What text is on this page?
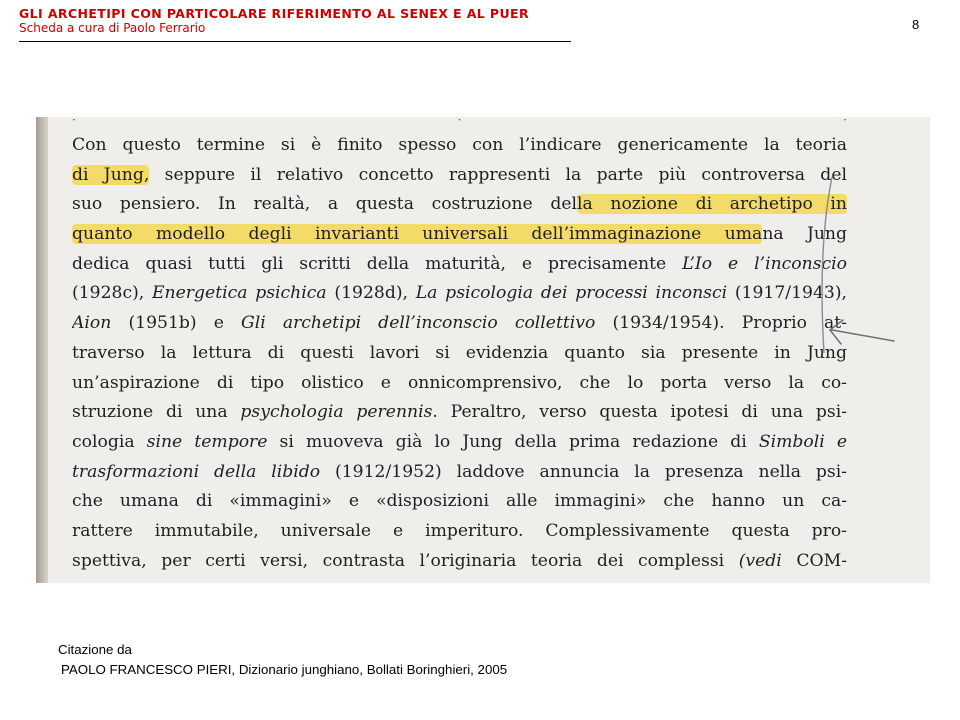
GLI ARCHETIPI CON PARTICOLARE RIFERIMENTO AL SENEX E AL PUER
Scheda a cura di Paolo Ferrario	8
· · ·
Con questo termine si è finito spesso con l’indicare genericamente la teoria
di Jung, seppure il relativo concetto rappresenti la parte più controversa del
suo pensiero. In realtà, a questa costruzione della nozione di archetipo in
quanto modello degli invarianti universali dell’immaginazione umana Jung
dedica quasi tutti gli scritti della maturità, e precisamente L’Io e l’inconscio
(1928c), Energetica psichica (1928d), La psicologia dei processi inconsci (1917/1943),
Aion (1951b) e Gli archetipi dell’inconscio collettivo (1934/1954). Proprio at-
traverso la lettura di questi lavori si evidenzia quanto sia presente in Jung
un’aspirazione di tipo olistico e onnicomprensivo, che lo porta verso la co-
struzione di una psychologia perennis. Peraltro, verso questa ipotesi di una psi-
cologia sine tempore si muoveva già lo Jung della prima redazione di Simboli e
trasformazioni della libido (1912/1952) laddove annuncia la presenza nella psi-
che umana di «immagini» e «disposizioni alle immagini» che hanno un ca-
rattere immutabile, universale e imperituro. Complessivamente questa pro-
spettiva, per certi versi, contrasta l’originaria teoria dei complessi (vedi COM-
Citazione da
PAOLO FRANCESCO PIERI, Dizionario junghiano, Bollati Boringhieri, 2005
